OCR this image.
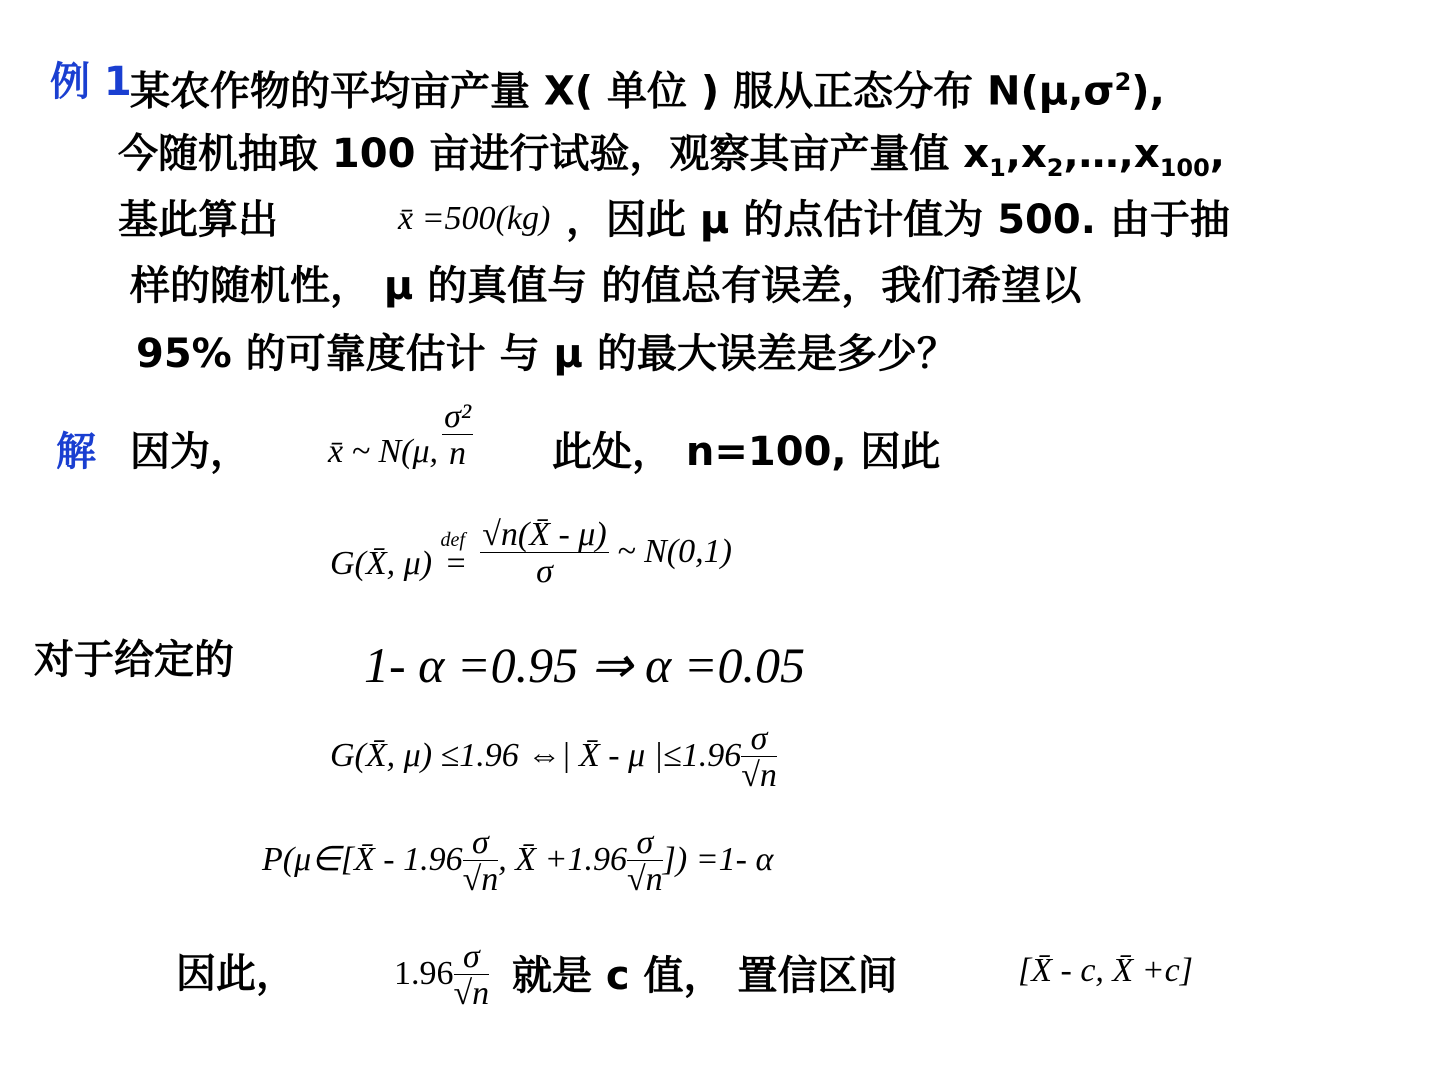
例 1
某农作物的平均亩产量 X( 单位 ) 服从正态分布 $N(\mu,\sigma^2)$,
今随机抽取 100 亩进行试验，观察其亩产量值 $x_1,x_2,\dots,x_{100}$,
基此算出	x̄ =500(kg) ，因此 μ 的点估计值为 500. 由于抽
样的随机性， μ 的真值与 的值总有误差，我们希望以
95% 的可靠度估计 与 μ 的最大误差是多少？
解 因为， x̄ ~ N(μ, $\frac{\text{σ²}}{n}$ 此处， n=100, 因此
G(X̄, μ)
def
= $\frac{√n(X̄ - \mu)}{\sigma}$ ~ N(0,1)
对于给定的	1- α =0.95 ⇒ α =0.05
G(X̄, μ) ≤1.96 ⇔| X̄ - μ $|\le 1.96 \frac{\sigma}{√n}$
P(μ∈[X̄ - $1.96 \frac{\sigma}{√n}$ , X̄ $+1.96 \frac{\sigma}{√n}$ ]) =1- α
因此，	$1.96 \frac{\sigma}{√n}$ 就是 c 值， 置信区间	[X̄ - c, X̄ +c]
